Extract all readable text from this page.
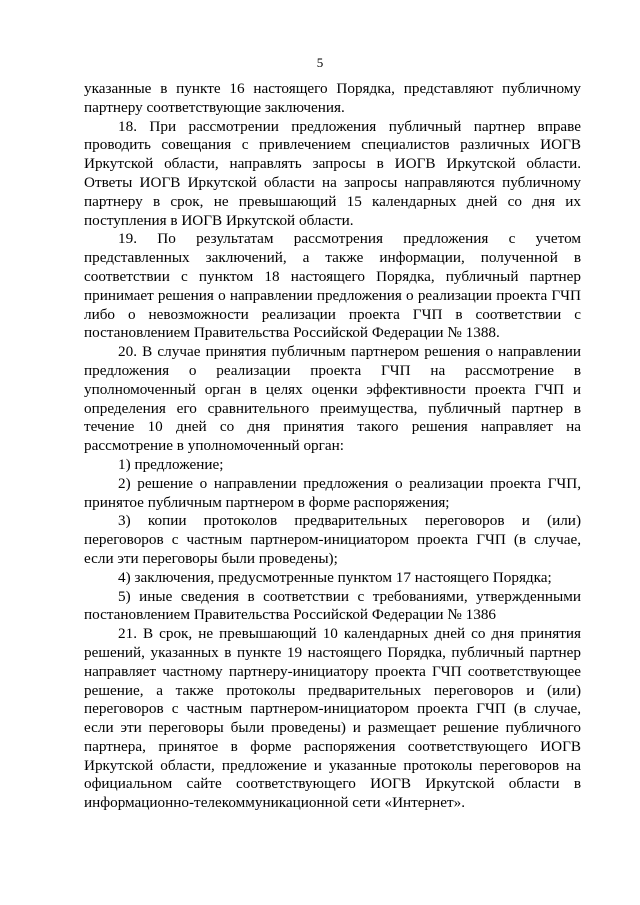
5

указанные в пункте 16 настоящего Порядка, представляют публичному партнеру соответствующие заключения.

18. При рассмотрении предложения публичный партнер вправе проводить совещания с привлечением специалистов различных ИОГВ Иркутской области, направлять запросы в ИОГВ Иркутской области. Ответы ИОГВ Иркутской области на запросы направляются публичному партнеру в срок, не превышающий 15 календарных дней со дня их поступления в ИОГВ Иркутской области.

19. По результатам рассмотрения предложения с учетом представленных заключений, а также информации, полученной в соответствии с пунктом 18 настоящего Порядка, публичный партнер принимает решения о направлении предложения о реализации проекта ГЧП либо о невозможности реализации проекта ГЧП в соответствии с постановлением Правительства Российской Федерации № 1388.

20. В случае принятия публичным партнером решения о направлении предложения о реализации проекта ГЧП на рассмотрение в уполномоченный орган в целях оценки эффективности проекта ГЧП и определения его сравнительного преимущества, публичный партнер в течение 10 дней со дня принятия такого решения направляет на рассмотрение в уполномоченный орган:

1) предложение;

2) решение о направлении предложения о реализации проекта ГЧП, принятое публичным партнером в форме распоряжения;

3) копии протоколов предварительных переговоров и (или) переговоров с частным партнером-инициатором проекта ГЧП (в случае, если эти переговоры были проведены);

4) заключения, предусмотренные пунктом 17 настоящего Порядка;

5) иные сведения в соответствии с требованиями, утвержденными постановлением Правительства Российской Федерации № 1386

21. В срок, не превышающий 10 календарных дней со дня принятия решений, указанных в пункте 19 настоящего Порядка, публичный партнер направляет частному партнеру-инициатору проекта ГЧП соответствующее решение, а также протоколы предварительных переговоров и (или) переговоров с частным партнером-инициатором проекта ГЧП (в случае, если эти переговоры были проведены) и размещает решение публичного партнера, принятое в форме распоряжения соответствующего ИОГВ Иркутской области, предложение и указанные протоколы переговоров на официальном сайте соответствующего ИОГВ Иркутской области в информационно-телекоммуникационной сети «Интернет».
